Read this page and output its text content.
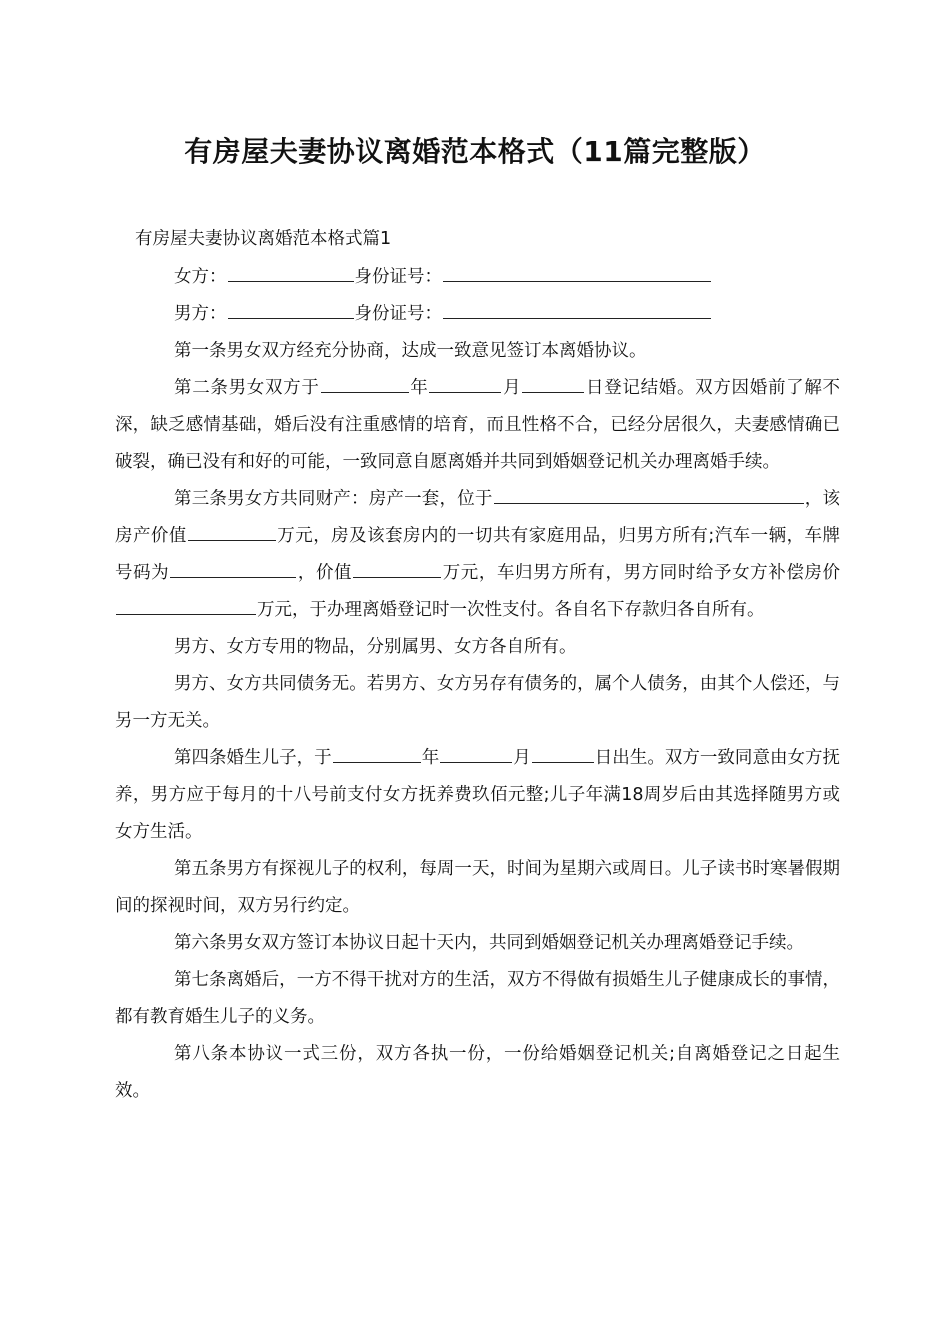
有房屋夫妻协议离婚范本格式（11篇完整版）

有房屋夫妻协议离婚范本格式篇1

女方：	身份证号：

男方：	身份证号：

第一条男女双方经充分协商，达成一致意见签订本离婚协议。

第二条男女双方于	年	月	日登记结婚。双方因婚前了解不深，缺乏感情基础，婚后没有注重感情的培育，而且性格不合，已经分居很久，夫妻感情确已破裂，确已没有和好的可能，一致同意自愿离婚并共同到婚姻登记机关办理离婚手续。

第三条男女方共同财产：房产一套，位于	，该房产价值	万元，房及该套房内的一切共有家庭用品，归男方所有;汽车一辆，车牌号码为	，价值	万元，车归男方所有，男方同时给予女方补偿房价万元，于办理离婚登记时一次性支付。各自名下存款归各自所有。

男方、女方专用的物品，分别属男、女方各自所有。

男方、女方共同债务无。若男方、女方另存有债务的，属个人债务，由其个人偿还，与另一方无关。

第四条婚生儿子，于	年	月	日出生。双方一致同意由女方抚养，男方应于每月的十八号前支付女方抚养费玖佰元整;儿子年满18周岁后由其选择随男方或女方生活。

第五条男方有探视儿子的权利，每周一天，时间为星期六或周日。儿子读书时寒暑假期间的探视时间，双方另行约定。

第六条男女双方签订本协议日起十天内，共同到婚姻登记机关办理离婚登记手续。

第七条离婚后，一方不得干扰对方的生活，双方不得做有损婚生儿子健康成长的事情，都有教育婚生儿子的义务。

第八条本协议一式三份，双方各执一份，一份给婚姻登记机关;自离婚登记之日起生效。
